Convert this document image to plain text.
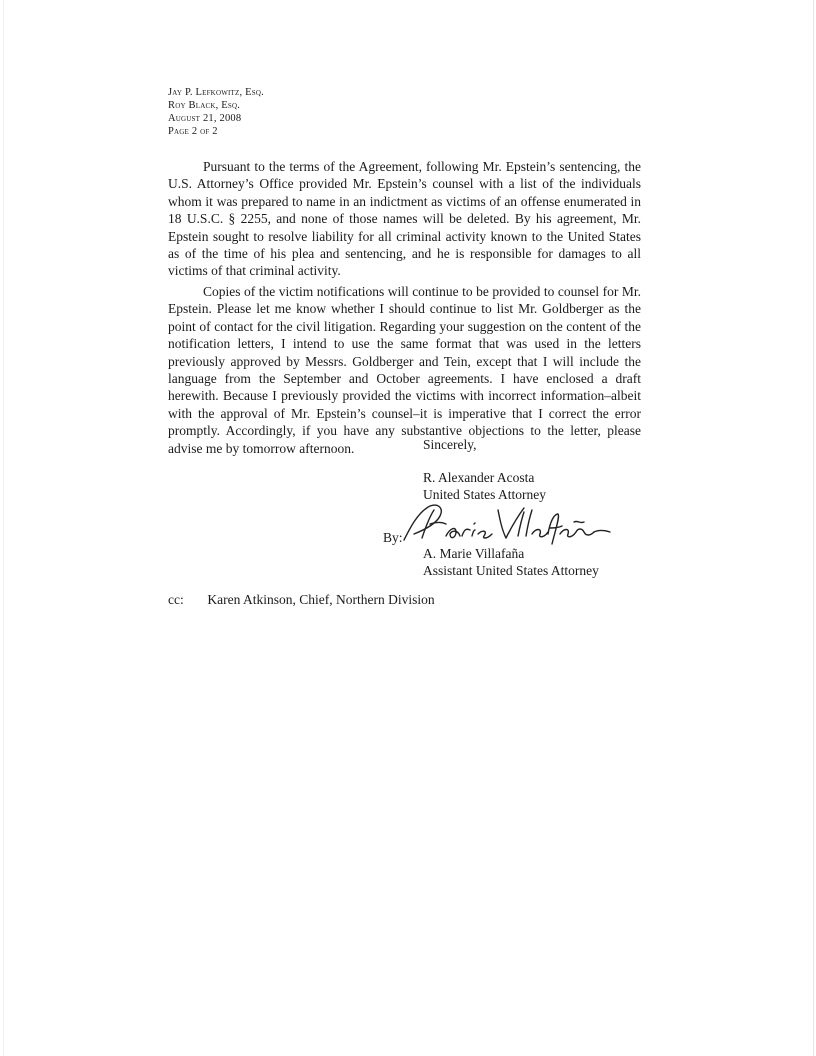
Jay P. Lefkowitz, Esq.
Roy Black, Esq.
August 21, 2008
Page 2 of 2

Pursuant to the terms of the Agreement, following Mr. Epstein’s sentencing, the U.S. Attorney’s Office provided Mr. Epstein’s counsel with a list of the individuals whom it was prepared to name in an indictment as victims of an offense enumerated in 18 U.S.C. § 2255, and none of those names will be deleted. By his agreement, Mr. Epstein sought to resolve liability for all criminal activity known to the United States as of the time of his plea and sentencing, and he is responsible for damages to all victims of that criminal activity.

Copies of the victim notifications will continue to be provided to counsel for Mr. Epstein. Please let me know whether I should continue to list Mr. Goldberger as the point of contact for the civil litigation. Regarding your suggestion on the content of the notification letters, I intend to use the same format that was used in the letters previously approved by Messrs. Goldberger and Tein, except that I will include the language from the September and October agreements. I have enclosed a draft herewith. Because I previously provided the victims with incorrect information–albeit with the approval of Mr. Epstein’s counsel–it is imperative that I correct the error promptly. Accordingly, if you have any substantive objections to the letter, please advise me by tomorrow afternoon.	Sincerely,
R. Alexander Acosta
United States Attorney
By:
A. Marie Villafaña
Assistant United States Attorney
cc: Karen Atkinson, Chief, Northern Division
